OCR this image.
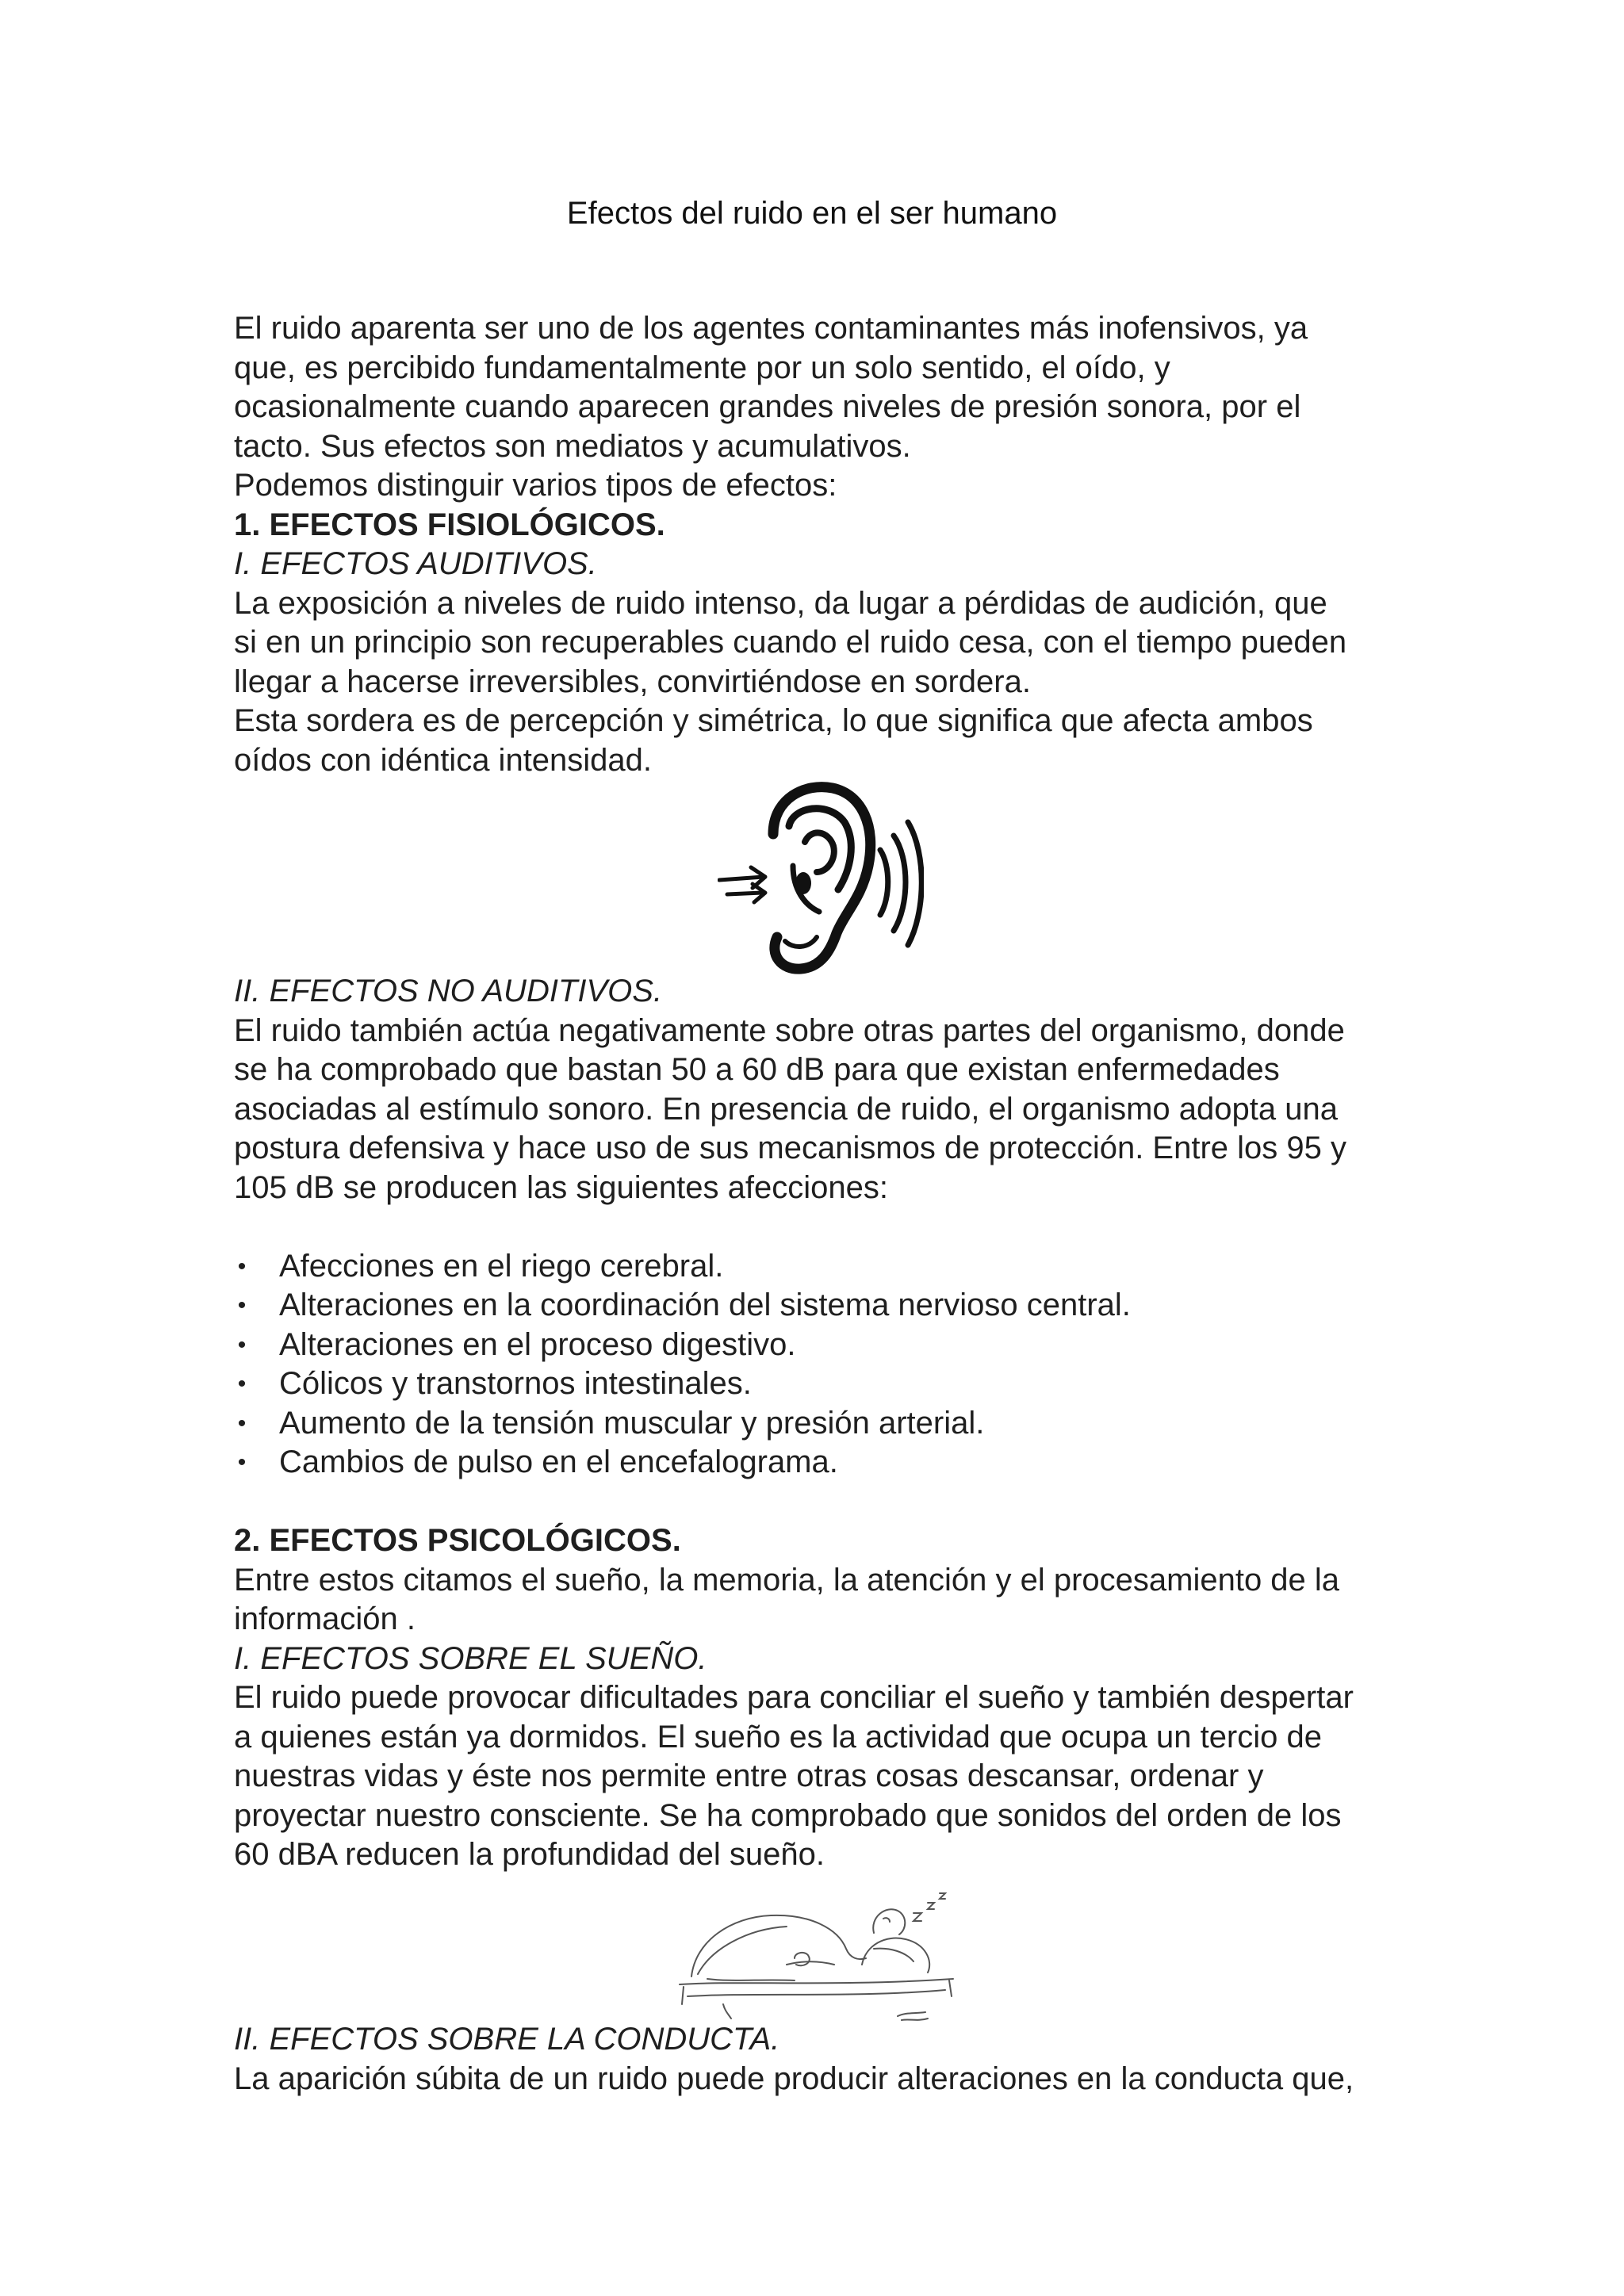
Efectos del ruido en el ser humano

El ruido aparenta ser uno de los agentes contaminantes más inofensivos, ya

que, es percibido fundamentalmente por un solo sentido, el oído, y

ocasionalmente cuando aparecen grandes niveles de presión sonora, por el

tacto. Sus efectos son mediatos y acumulativos.

Podemos distinguir varios tipos de efectos:

1. EFECTOS FISIOLÓGICOS.

I. EFECTOS AUDITIVOS.

La exposición a niveles de ruido intenso, da lugar a pérdidas de audición, que

si en un principio son recuperables cuando el ruido cesa, con el tiempo pueden

llegar a hacerse irreversibles, convirtiéndose en sordera.

Esta sordera es de percepción y simétrica, lo que significa que afecta ambos

oídos con idéntica intensidad.

II. EFECTOS NO AUDITIVOS.

El ruido también actúa negativamente sobre otras partes del organismo, donde

se ha comprobado que bastan 50 a 60 dB para que existan enfermedades

asociadas al estímulo sonoro. En presencia de ruido, el organismo adopta una

postura defensiva y hace uso de sus mecanismos de protección. Entre los 95 y

105 dB se producen las siguientes afecciones:

• Afecciones en el riego cerebral.
• Alteraciones en la coordinación del sistema nervioso central.
• Alteraciones en el proceso digestivo.
• Cólicos y transtornos intestinales.
• Aumento de la tensión muscular y presión arterial.
• Cambios de pulso en el encefalograma.

2. EFECTOS PSICOLÓGICOS.

Entre estos citamos el sueño, la memoria, la atención y el procesamiento de la

información .

I. EFECTOS SOBRE EL SUEÑO.

El ruido puede provocar dificultades para conciliar el sueño y también despertar

a quienes están ya dormidos. El sueño es la actividad que ocupa un tercio de

nuestras vidas y éste nos permite entre otras cosas descansar, ordenar y

proyectar nuestro consciente. Se ha comprobado que sonidos del orden de los

60 dBA reducen la profundidad del sueño.

II. EFECTOS SOBRE LA CONDUCTA.

La aparición súbita de un ruido puede producir alteraciones en la conducta que,
